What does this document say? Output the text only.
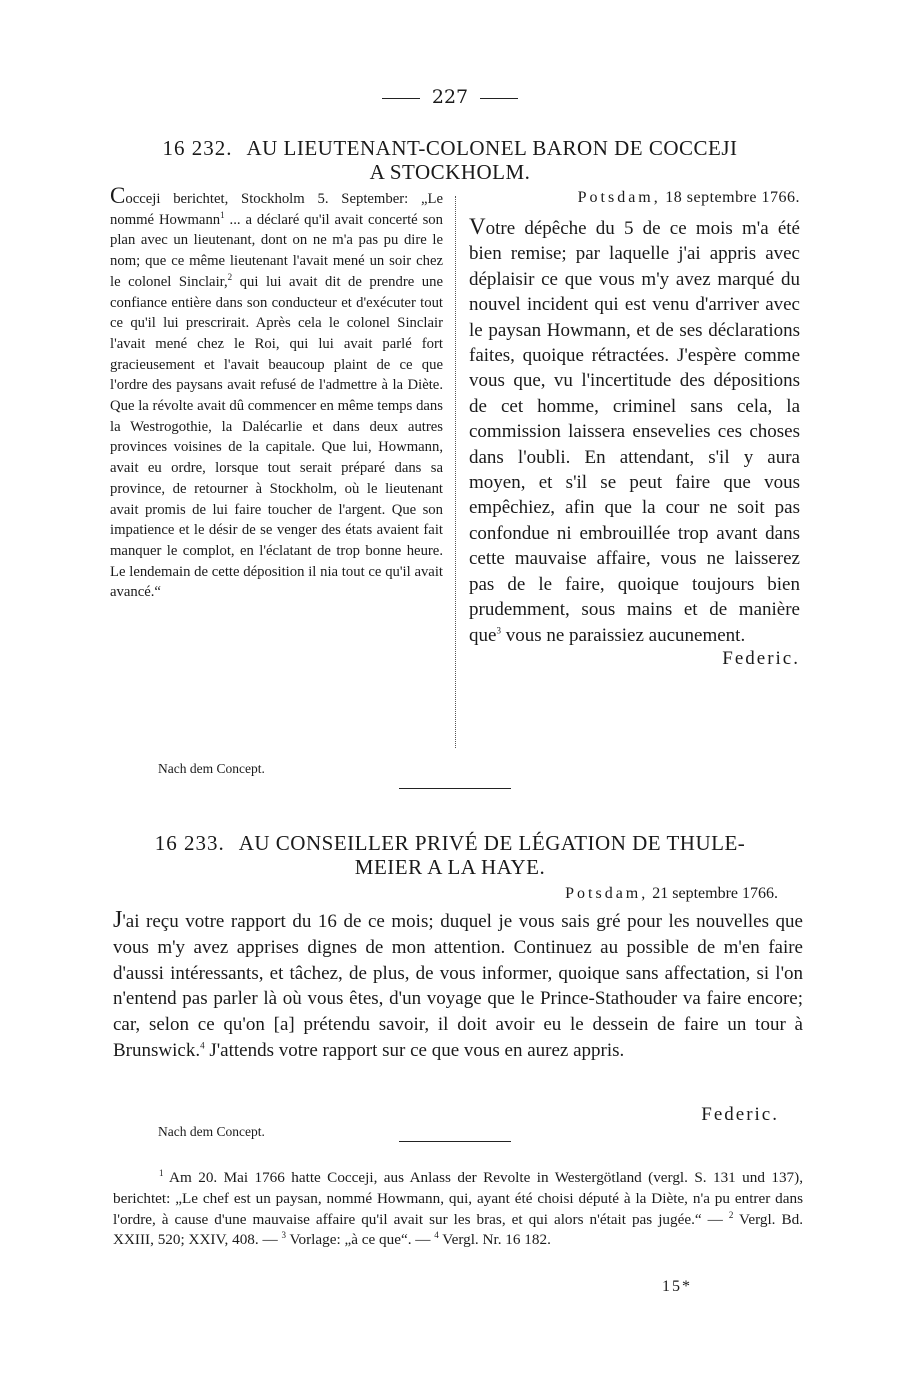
227
16 232. AU LIEUTENANT-COLONEL BARON DE COCCEJI
A STOCKHOLM.
Cocceji berichtet, Stockholm 5. September: „Le nommé Howmann$^1$ ... a déclaré qu'il avait concerté son plan avec un lieutenant, dont on ne m'a pas pu dire le nom; que ce même lieutenant l'avait mené un soir chez le colonel Sinclair,$^2$ qui lui avait dit de prendre une confiance entière dans son conducteur et d'exécuter tout ce qu'il lui prescrirait. Après cela le colonel Sinclair l'avait mené chez le Roi, qui lui avait parlé fort gracieusement et l'avait beaucoup plaint de ce que l'ordre des paysans avait refusé de l'admettre à la Diète. Que la révolte avait dû commencer en même temps dans la Westrogothie, la Dalécarlie et dans deux autres provinces voisines de la capitale. Que lui, Howmann, avait eu ordre, lorsque tout serait préparé dans sa province, de retourner à Stockholm, où le lieutenant avait promis de lui faire toucher de l'argent. Que son impatience et le désir de se venger des états avaient fait manquer le complot, en l'éclatant de trop bonne heure. Le lendemain de cette déposition il nia tout ce qu'il avait avancé.“
Potsdam, 18 septembre 1766.
Votre dépêche du 5 de ce mois m'a été bien remise; par laquelle j'ai appris avec déplaisir ce que vous m'y avez marqué du nouvel incident qui est venu d'arriver avec le paysan Howmann, et de ses déclarations faites, quoique rétractées. J'espère comme vous que, vu l'incertitude des dépositions de cet homme, criminel sans cela, la commission laissera ensevelies ces choses dans l'oubli. En attendant, s'il y aura moyen, et s'il se peut faire que vous empêchiez, afin que la cour ne soit pas confondue ni embrouillée trop avant dans cette mauvaise affaire, vous ne laisserez pas de le faire, quoique toujours bien prudemment, sous mains et de manière que$^3$ vous ne paraissiez aucunement.
Federic.
Nach dem Concept.
16 233. AU CONSEILLER PRIVÉ DE LÉGATION DE THULE-
MEIER A LA HAYE.
Potsdam, 21 septembre 1766.
J'ai reçu votre rapport du 16 de ce mois; duquel je vous sais gré pour les nouvelles que vous m'y avez apprises dignes de mon attention. Continuez au possible de m'en faire d'aussi intéressants, et tâchez, de plus, de vous informer, quoique sans affectation, si l'on n'entend pas parler là où vous êtes, d'un voyage que le Prince-Stathouder va faire encore; car, selon ce qu'on [a] prétendu savoir, il doit avoir eu le dessein de faire un tour à Brunswick.$^4$ J'attends votre rapport sur ce que vous en aurez appris.
Federic.
Nach dem Concept.
$^1$ Am 20. Mai 1766 hatte Cocceji, aus Anlass der Revolte in Westergötland (vergl. S. 131 und 137), berichtet: „Le chef est un paysan, nommé Howmann, qui, ayant été choisi député à la Diète, n'a pu entrer dans l'ordre, à cause d'une mauvaise affaire qu'il avait sur les bras, et qui alors n'était pas jugée.“ — $^2$ Vergl. Bd. XXIII, 520; XXIV, 408. — $^3$ Vorlage: „à ce que“. — $^4$ Vergl. Nr. 16 182.
15*
